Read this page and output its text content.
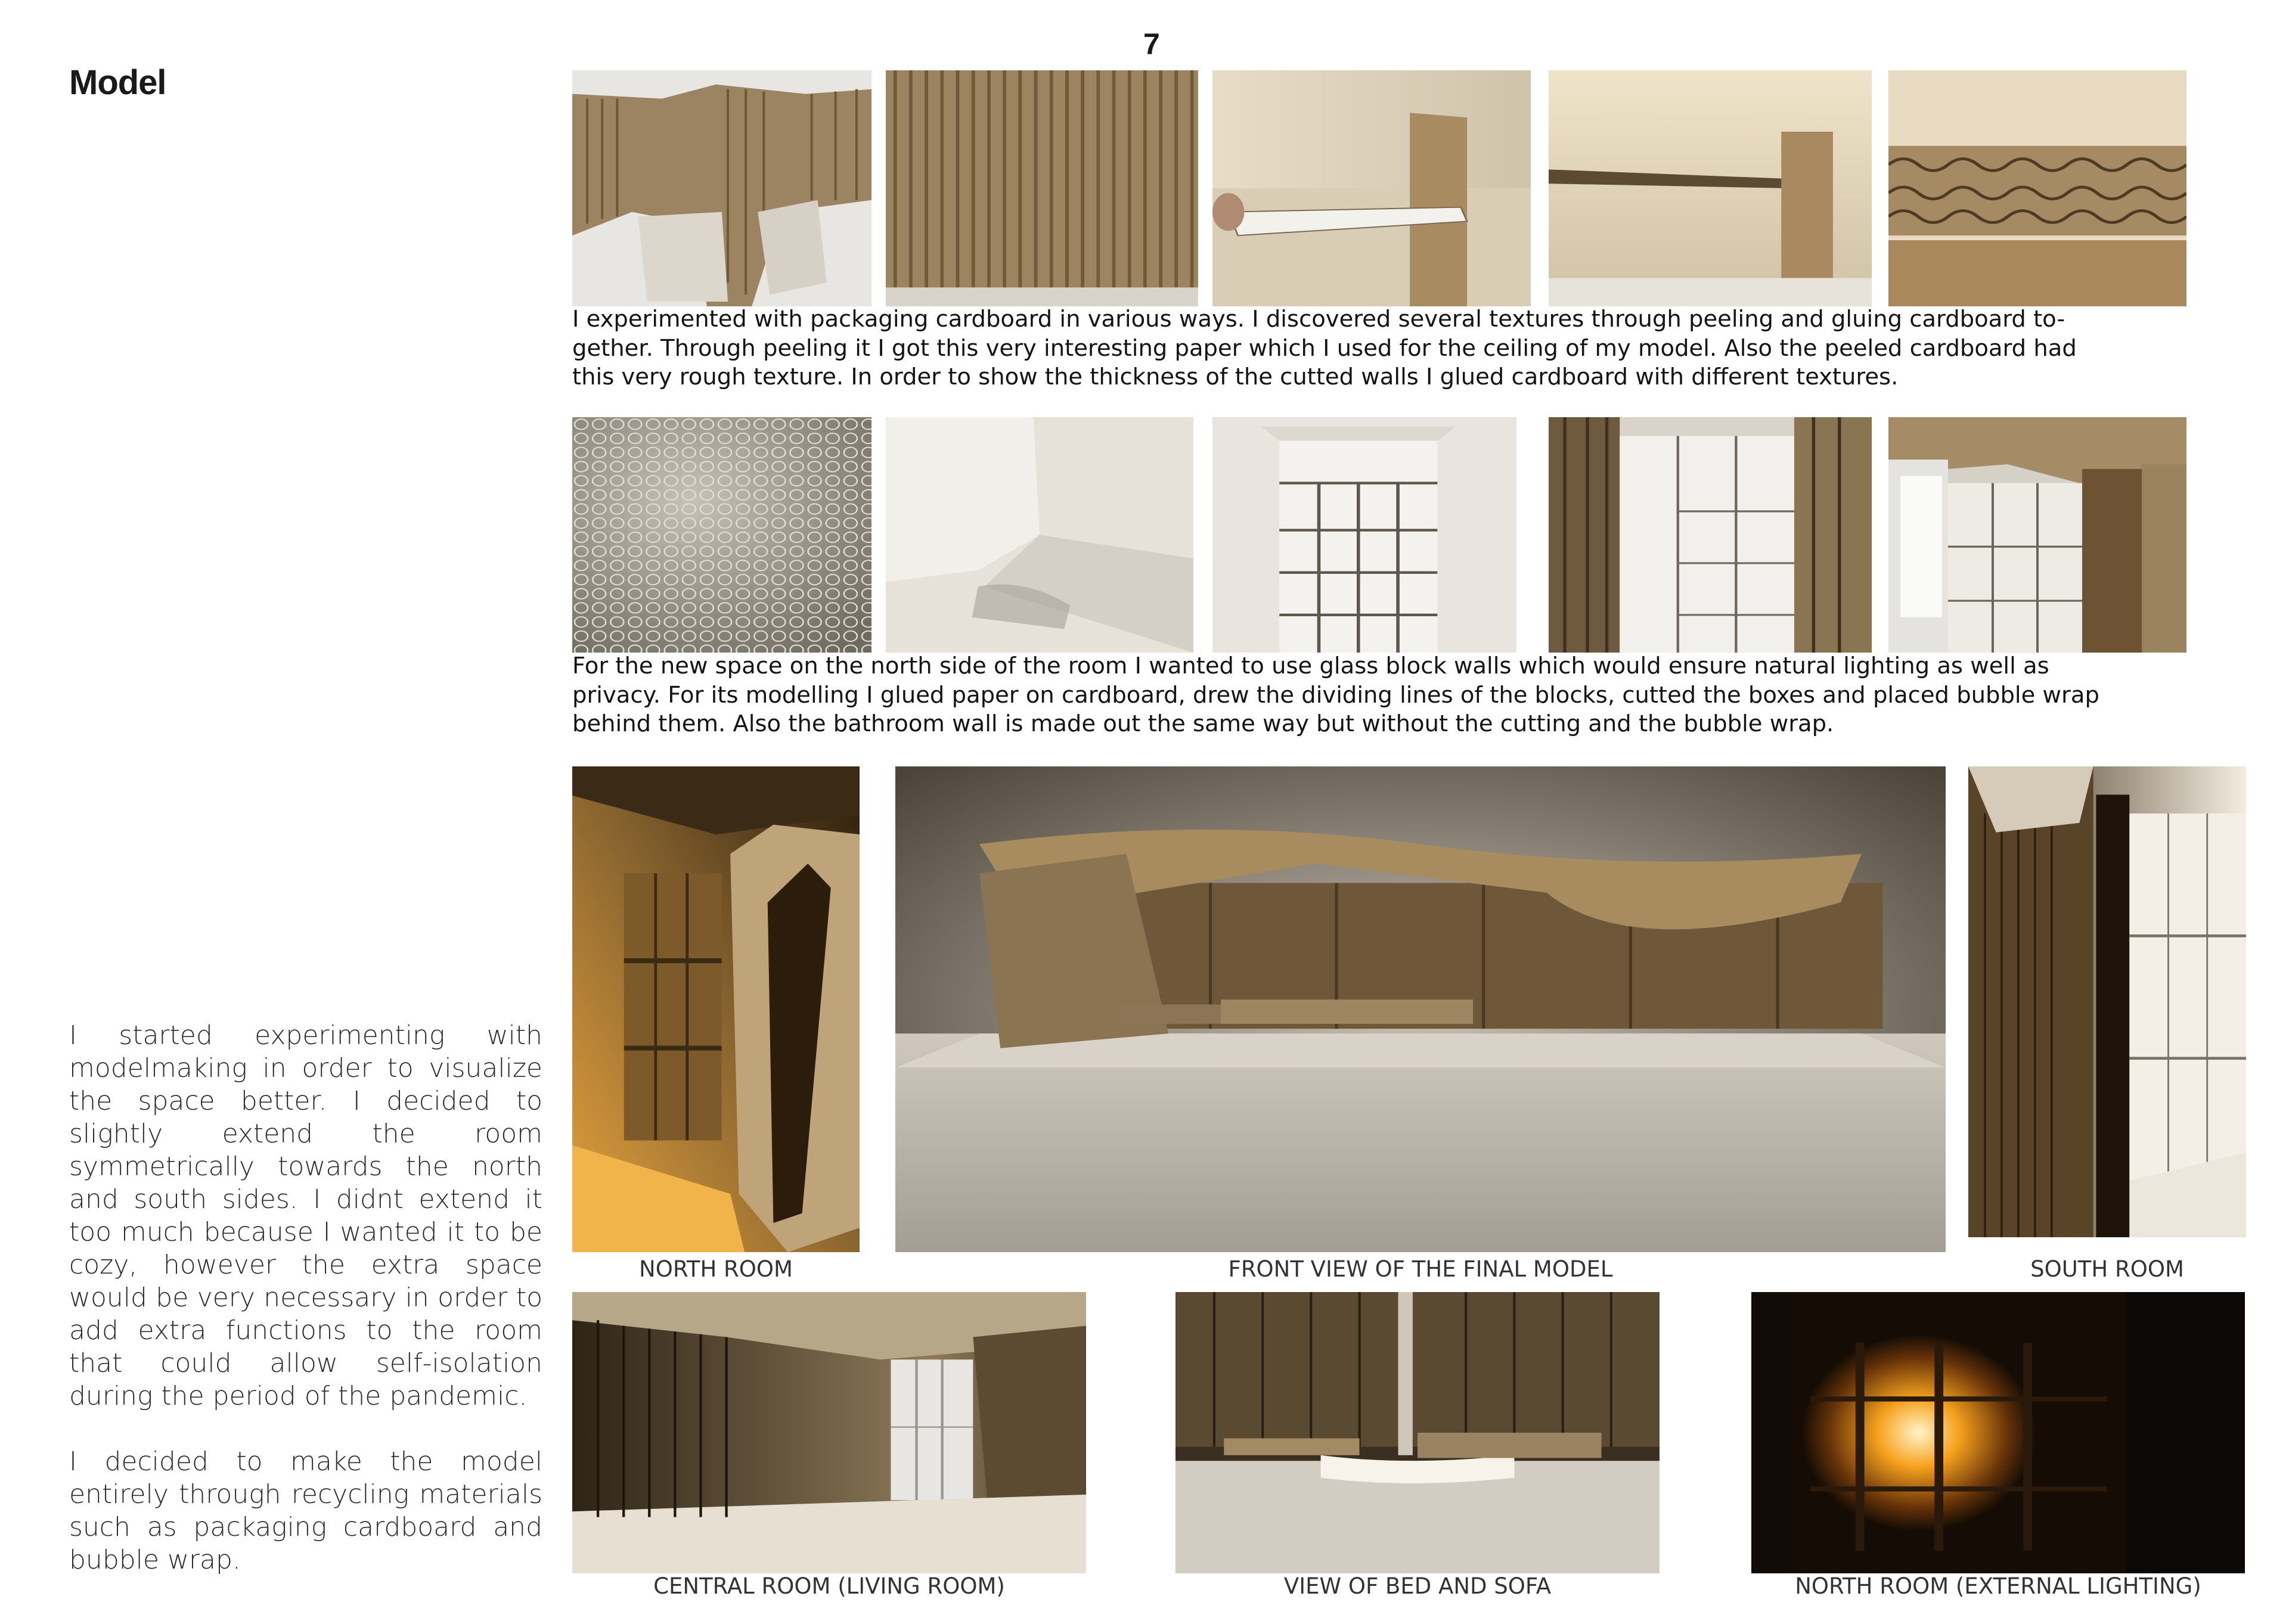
Model
7
I experimented with packaging cardboard in various ways. I discovered several textures through peeling and gluing cardboard to-
gether. Through peeling it I got this very interesting paper which I used for the ceiling of my model. Also the peeled cardboard had
this very rough texture. In order to show the thickness of the cutted walls I glued cardboard with different textures.
For the new space on the north side of the room I wanted to use glass block walls which would ensure natural lighting as well as
privacy. For its modelling I glued paper on cardboard, drew the dividing lines of the blocks, cutted the boxes and placed bubble wrap
behind them. Also the bathroom wall is made out the same way but without the cutting and the bubble wrap.

I started experimenting with modelmaking in order to visualize the space better. I decided to slightly extend the room symmetrically towards the north and south sides. I didnt extend it too much because I wanted it to be cozy, however the extra space would be very necessary in order to add extra functions to the room that could allow self-isolation during the period of the pandemic.

I decided to make the model entirely through recycling materials such as packaging cardboard and bubble wrap.

NORTH ROOM	FRONT VIEW OF THE FINAL MODEL	SOUTH ROOM
CENTRAL ROOM (LIVING ROOM)	VIEW OF BED AND SOFA	NORTH ROOM (EXTERNAL LIGHTING)
